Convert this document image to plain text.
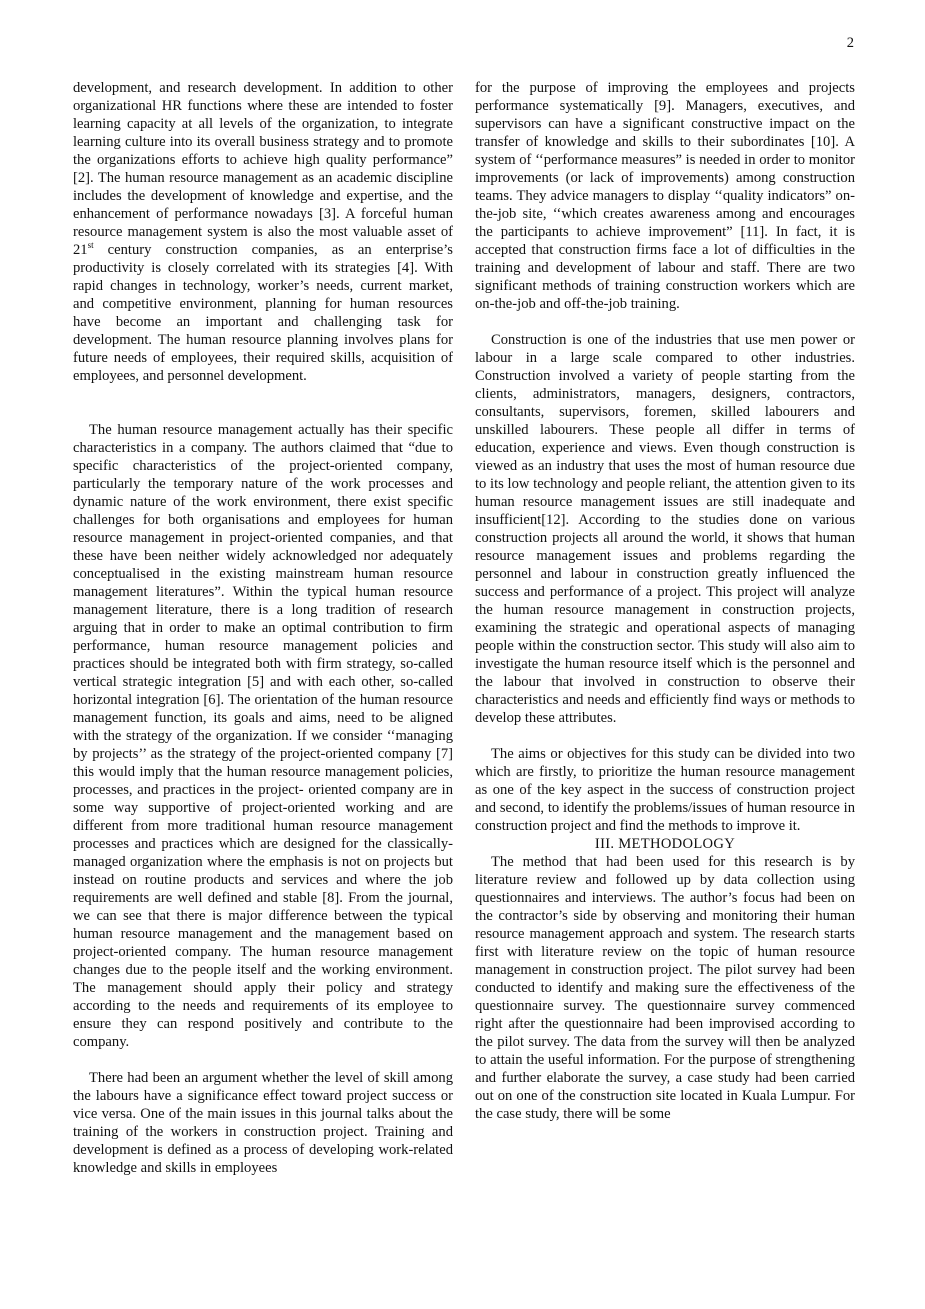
2

development, and research development. In addition to other organizational HR functions where these are intended to foster learning capacity at all levels of the organization, to integrate learning culture into its overall business strategy and to promote the organizations efforts to achieve high quality performance” [2]. The human resource management as an academic discipline includes the development of knowledge and expertise, and the enhancement of performance nowadays [3]. A forceful human resource management system is also the most valuable asset of 21st century construction companies, as an enterprise’s productivity is closely correlated with its strategies [4]. With rapid changes in technology, worker’s needs, current market, and competitive environment, planning for human resources have become an important and challenging task for development. The human resource planning involves plans for future needs of employees, their required skills, acquisition of employees, and personnel development.

The human resource management actually has their specific characteristics in a company. The authors claimed that “due to specific characteristics of the project-oriented company, particularly the temporary nature of the work processes and dynamic nature of the work environment, there exist specific challenges for both organisations and employees for human resource management in project-oriented companies, and that these have been neither widely acknowledged nor adequately conceptualised in the existing mainstream human resource management literatures”. Within the typical human resource management literature, there is a long tradition of research arguing that in order to make an optimal contribution to firm performance, human resource management policies and practices should be integrated both with firm strategy, so-called vertical strategic integration [5] and with each other, so-called horizontal integration [6]. The orientation of the human resource management function, its goals and aims, need to be aligned with the strategy of the organization. If we consider ‘‘managing by projects’’ as the strategy of the project-oriented company [7] this would imply that the human resource management policies, processes, and practices in the project- oriented company are in some way supportive of project-oriented working and are different from more traditional human resource management processes and practices which are designed for the classically-managed organization where the emphasis is not on projects but instead on routine products and services and where the job requirements are well defined and stable [8]. From the journal, we can see that there is major difference between the typical human resource management and the management based on project-oriented company. The human resource management changes due to the people itself and the working environment. The management should apply their policy and strategy according to the needs and requirements of its employee to ensure they can respond positively and contribute to the company.

There had been an argument whether the level of skill among the labours have a significance effect toward project success or vice versa. One of the main issues in this journal talks about the training of the workers in construction project. Training and development is defined as a process of developing work-related knowledge and skills in employees

for the purpose of improving the employees and projects performance systematically [9]. Managers, executives, and supervisors can have a significant constructive impact on the transfer of knowledge and skills to their subordinates [10]. A system of ‘‘performance measures” is needed in order to monitor improvements (or lack of improvements) among construction teams. They advice managers to display ‘‘quality indicators” on-the-job site, ‘‘which creates awareness among and encourages the participants to achieve improvement” [11]. In fact, it is accepted that construction firms face a lot of difficulties in the training and development of labour and staff. There are two significant methods of training construction workers which are on-the-job and off-the-job training.

Construction is one of the industries that use men power or labour in a large scale compared to other industries. Construction involved a variety of people starting from the clients, administrators, managers, designers, contractors, consultants, supervisors, foremen, skilled labourers and unskilled labourers. These people all differ in terms of education, experience and views. Even though construction is viewed as an industry that uses the most of human resource due to its low technology and people reliant, the attention given to its human resource management issues are still inadequate and insufficient[12]. According to the studies done on various construction projects all around the world, it shows that human resource management issues and problems regarding the personnel and labour in construction greatly influenced the success and performance of a project. This project will analyze the human resource management in construction projects, examining the strategic and operational aspects of managing people within the construction sector. This study will also aim to investigate the human resource itself which is the personnel and the labour that involved in construction to observe their characteristics and needs and efficiently find ways or methods to develop these attributes.

The aims or objectives for this study can be divided into two which are firstly, to prioritize the human resource management as one of the key aspect in the success of construction project and second, to identify the problems/issues of human resource in construction project and find the methods to improve it.

III. METHODOLOGY

The method that had been used for this research is by literature review and followed up by data collection using questionnaires and interviews. The author’s focus had been on the contractor’s side by observing and monitoring their human resource management approach and system. The research starts first with literature review on the topic of human resource management in construction project. The pilot survey had been conducted to identify and making sure the effectiveness of the questionnaire survey. The questionnaire survey commenced right after the questionnaire had been improvised according to the pilot survey. The data from the survey will then be analyzed to attain the useful information. For the purpose of strengthening and further elaborate the survey, a case study had been carried out on one of the construction site located in Kuala Lumpur. For the case study, there will be some
